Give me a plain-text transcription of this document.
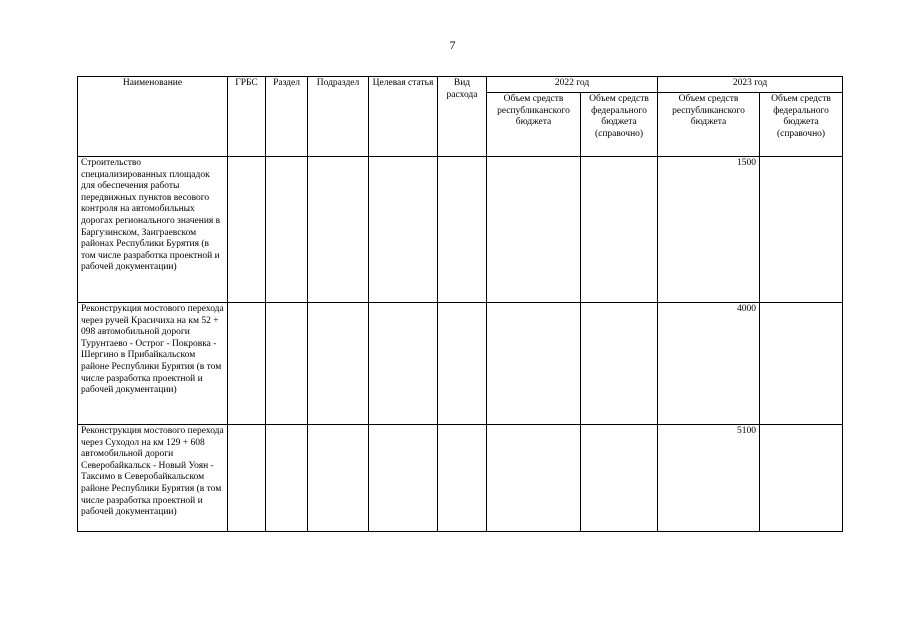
7
Наименование	ГРБС	Раздел	Подраздел	Целевая статья	Вид расхода	2022 год		2023 год	
						Объем средств республиканского бюджета	Объем средств федерального бюджета (справочно)	Объем средств республиканского бюджета	Объем средств федерального бюджета (справочно)
Строительство специализированных площадок для обеспечения работы передвижных пунктов весового контроля на автомобильных дорогах регионального значения в Баргузинском, Заиграевском районах Республики Бурятия (в том числе разработка проектной и рабочей документации)								1500	
Реконструкция мостового перехода через ручей Красичиха на км 52 + 098 автомобильной дороги Турунтаево - Острог - Покровка - Шергино в Прибайкальском районе Республики Бурятия (в том числе разработка проектной и рабочей документации)								4000	
Реконструкция мостового перехода через Суходол на км 129 + 608 автомобильной дороги Северобайкальск - Новый Уоян - Таксимо в Северобайкальском районе Республики Бурятия (в том числе разработка проектной и рабочей документации)								5100	
